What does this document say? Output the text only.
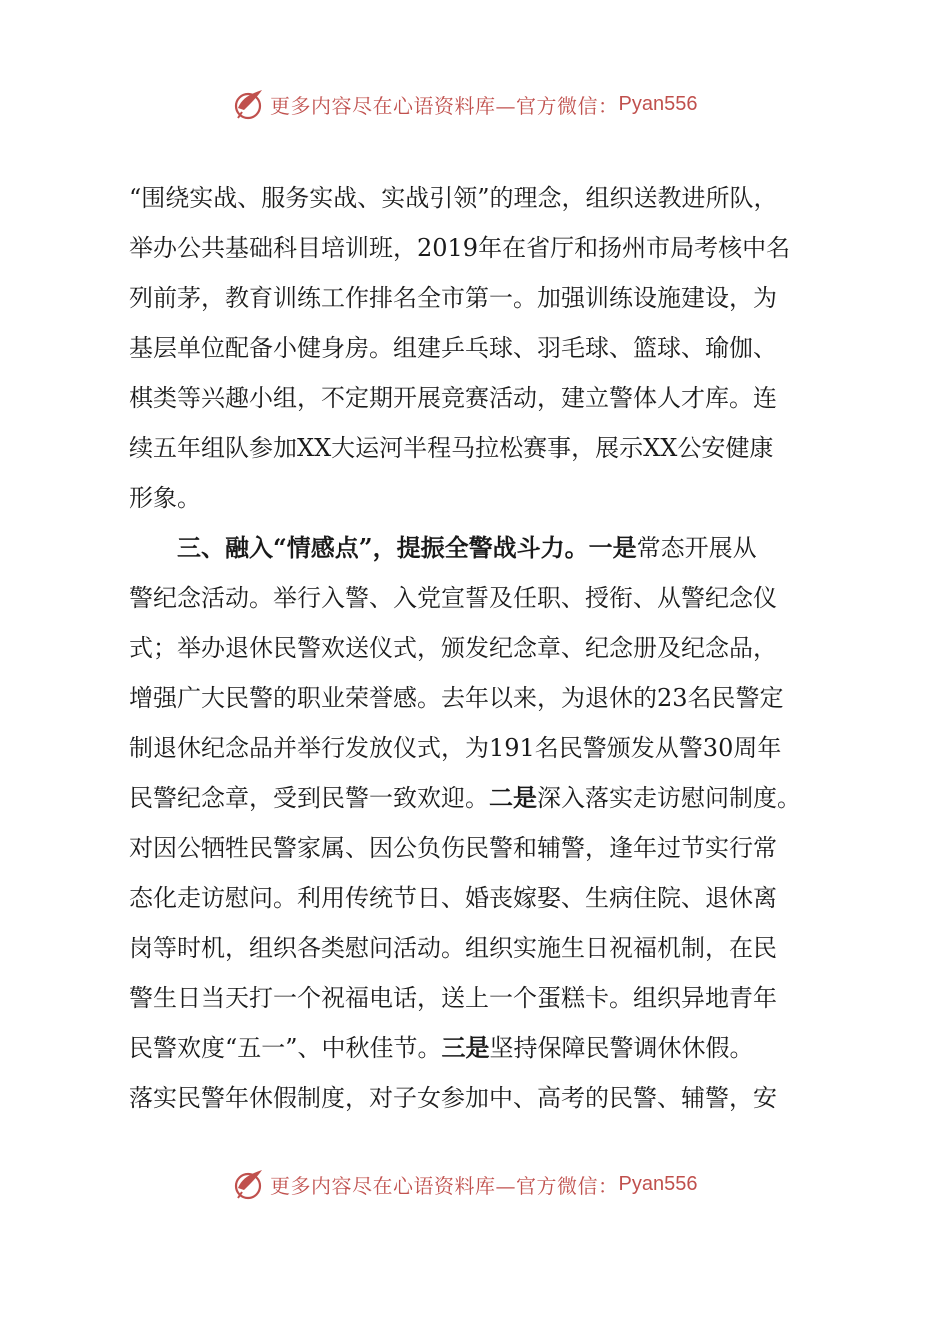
更多内容尽在心语资料库—官方微信： Pyan556
“围绕实战、服务实战、实战引领”的理念，组织送教进所队，
举办公共基础科目培训班，2019年在省厅和扬州市局考核中名
列前茅，教育训练工作排名全市第一。加强训练设施建设，为
基层单位配备小健身房。组建乒乓球、羽毛球、篮球、瑜伽、
棋类等兴趣小组，不定期开展竞赛活动，建立警体人才库。连
续五年组队参加XX大运河半程马拉松赛事，展示XX公安健康
形象。
三、融入“情感点”，提振全警战斗力。一是常态开展从
警纪念活动。举行入警、入党宣誓及任职、授衔、从警纪念仪
式；举办退休民警欢送仪式，颁发纪念章、纪念册及纪念品，
增强广大民警的职业荣誉感。去年以来，为退休的23名民警定
制退休纪念品并举行发放仪式，为191名民警颁发从警30周年
民警纪念章，受到民警一致欢迎。二是深入落实走访慰问制度。
对因公牺牲民警家属、因公负伤民警和辅警，逢年过节实行常
态化走访慰问。利用传统节日、婚丧嫁娶、生病住院、退休离
岗等时机，组织各类慰问活动。组织实施生日祝福机制，在民
警生日当天打一个祝福电话，送上一个蛋糕卡。组织异地青年
民警欢度“五一”、中秋佳节。三是坚持保障民警调休休假。
落实民警年休假制度，对子女参加中、高考的民警、辅警，安
更多内容尽在心语资料库—官方微信： Pyan556
